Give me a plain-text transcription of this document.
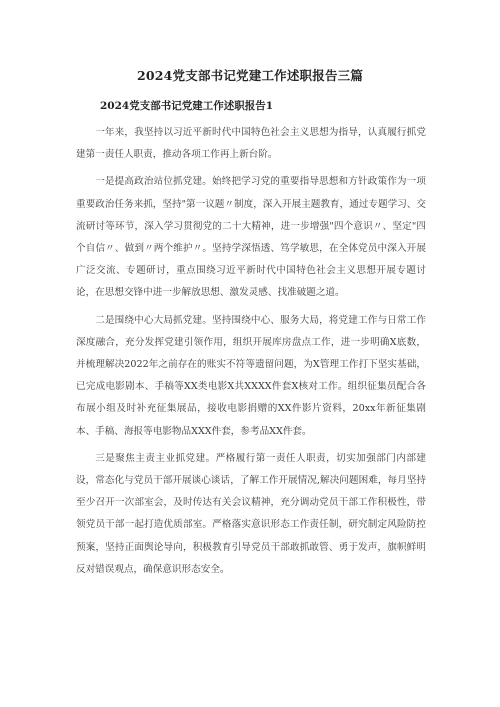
2024党支部书记党建工作述职报告三篇
2024党支部书记党建工作述职报告1

一年来，我坚持以习近平新时代中国特色社会主义思想为指导，认真履行抓党建第一责任人职责，推动各项工作再上新台阶。

一是提高政治站位抓党建。始终把学习党的重要指导思想和方针政策作为一项重要政治任务来抓，坚持"第一议题〃制度，深入开展主题教育，通过专题学习、交流研讨等环节，深入学习贯彻党的二十大精神，进一步增强"四个意识〃、坚定"四个自信〃、做到〃两个维护〃。坚持学深悟透、笃学敏思，在全体党员中深入开展广泛交流、专题研讨，重点围绕习近平新时代中国特色社会主义思想开展专题讨论，在思想交锋中进一步解放思想、激发灵感、找准破题之道。

二是围绕中心大局抓党建。坚持围绕中心、服务大局，将党建工作与日常工作深度融合，充分发挥党建引领作用，组织开展库房盘点工作，进一步明确X底数，并梳理解决2022年之前存在的账实不符等遗留问题，为X管理工作打下坚实基础，已完成电影剧本、手稿等XX类电影X共XXXX件套X核对工作。组织征集员配合各布展小组及时补充征集展品，接收电影捐赠的XX件影片资料，20xx年新征集剧本、手稿、海报等电影物品XXX件套，参考品XX件套。

三是聚焦主责主业抓党建。严格履行第一责任人职责，切实加强部门内部建设，常态化与党员干部开展谈心谈话，了解工作开展情况,解决问题困难，每月坚持至少召开一次部室会，及时传达有关会议精神，充分调动党员干部工作积极性，带领党员干部一起打造优质部室。严格落实意识形态工作责任制，研究制定风险防控预案，坚持正面舆论导向，积极教育引导党员干部敢抓敢管、勇于发声，旗帜鲜明反对错误观点，确保意识形态安全。
